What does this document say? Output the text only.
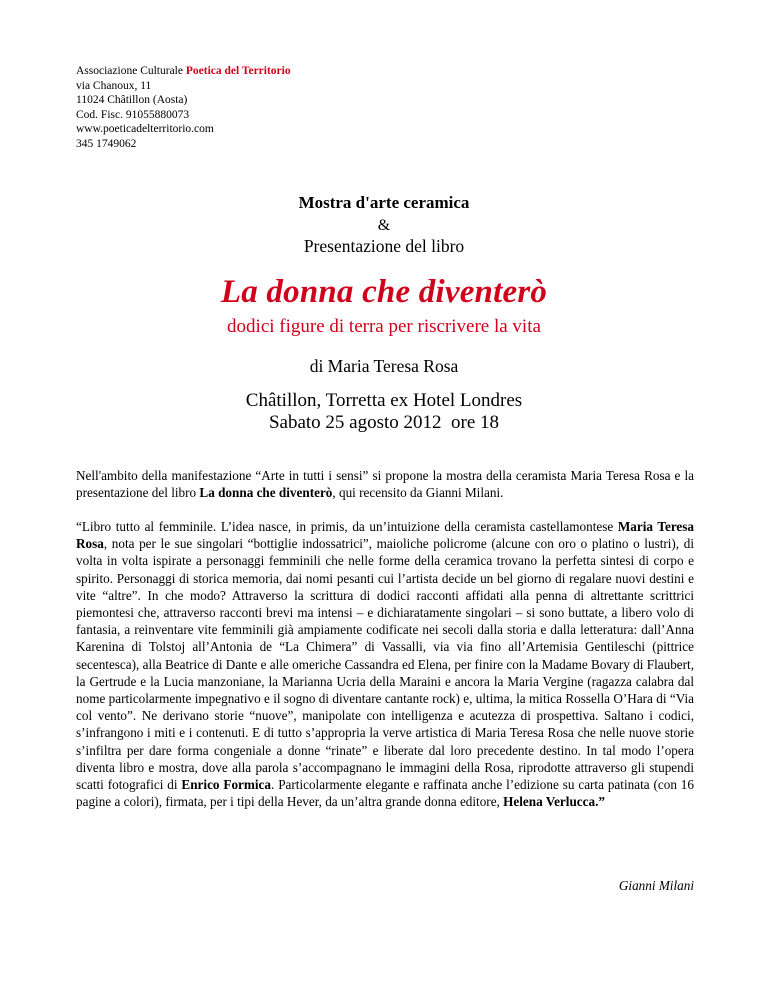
Associazione Culturale Poetica del Territorio
via Chanoux, 11
11024 Châtillon (Aosta)
Cod. Fisc. 91055880073
www.poeticadelterritorio.com
345 1749062
Mostra d'arte ceramica
&
Presentazione del libro
La donna che diventerò
dodici figure di terra per riscrivere la vita
di Maria Teresa Rosa
Châtillon, Torretta ex Hotel Londres
Sabato 25 agosto 2012  ore 18
Nell'ambito della manifestazione “Arte in tutti i sensi” si propone la mostra della ceramista Maria Teresa Rosa e la presentazione del libro La donna che diventerò, qui recensito da Gianni Milani.
“Libro tutto al femminile. L’idea nasce, in primis, da un’intuizione della ceramista castellamontese Maria Teresa Rosa, nota per le sue singolari “bottiglie indossatrici”, maioliche policrome (alcune con oro o platino o lustri), di volta in volta ispirate a personaggi femminili che nelle forme della ceramica trovano la perfetta sintesi di corpo e spirito. Personaggi di storica memoria, dai nomi pesanti cui l’artista decide un bel giorno di regalare nuovi destini e vite “altre”. In che modo? Attraverso la scrittura di dodici racconti affidati alla penna di altrettante scrittrici piemontesi che, attraverso racconti brevi ma intensi – e dichiaratamente singolari – si sono buttate, a libero volo di fantasia, a reinventare vite femminili già ampiamente codificate nei secoli dalla storia e dalla letteratura: dall’Anna Karenina di Tolstoj all’Antonia de “La Chimera” di Vassalli, via via fino all’Artemisia Gentileschi (pittrice secentesca), alla Beatrice di Dante e alle omeriche Cassandra ed Elena, per finire con la Madame Bovary di Flaubert, la Gertrude e la Lucia manzoniane, la Marianna Ucria della Maraini e ancora la Maria Vergine (ragazza calabra dal nome particolarmente impegnativo e il sogno di diventare cantante rock) e, ultima, la mitica Rossella O’Hara di “Via col vento”. Ne derivano storie “nuove”, manipolate con intelligenza e acutezza di prospettiva. Saltano i codici, s’infrangono i miti e i contenuti. E di tutto s’appropria la verve artistica di Maria Teresa Rosa che nelle nuove storie s’infiltra per dare forma congeniale a donne “rinate” e liberate dal loro precedente destino. In tal modo l’opera diventa libro e mostra, dove alla parola s’accompagnano le immagini della Rosa, riprodotte attraverso gli stupendi scatti fotografici di Enrico Formica. Particolarmente elegante e raffinata anche l’edizione su carta patinata (con 16 pagine a colori), firmata, per i tipi della Hever, da un’altra grande donna editore, Helena Verlucca.”
Gianni Milani
